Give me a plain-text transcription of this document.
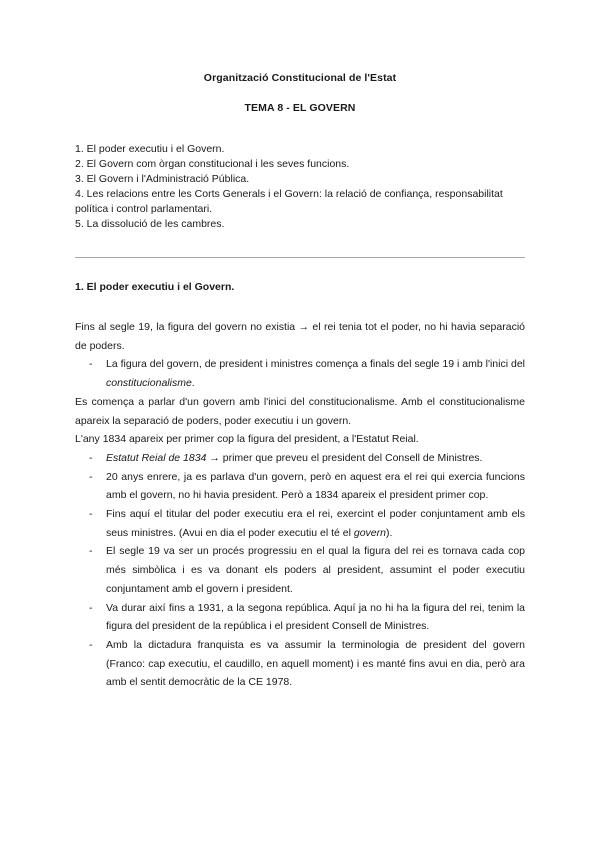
Organització Constitucional de l'Estat
TEMA 8 - EL GOVERN
1. El poder executiu i el Govern.
2. El Govern com òrgan constitucional i les seves funcions.
3. El Govern i l'Administració Pública.
4. Les relacions entre les Corts Generals i el Govern: la relació de confiança, responsabilitat política i control parlamentari.
5. La dissolució de les cambres.
1. El poder executiu i el Govern.

Fins al segle 19, la figura del govern no existia → el rei tenia tot el poder, no hi havia separació de poders.

- La figura del govern, de president i ministres comença a finals del segle 19 i amb l'inici del constitucionalisme.

Es comença a parlar d'un govern amb l'inici del constitucionalisme. Amb el constitucionalisme apareix la separació de poders, poder executiu i un govern.

L'any 1834 apareix per primer cop la figura del president, a l'Estatut Reial.

- Estatut Reial de 1834 → primer que preveu el president del Consell de Ministres.
- 20 anys enrere, ja es parlava d'un govern, però en aquest era el rei qui exercia funcions amb el govern, no hi havia president. Però a 1834 apareix el president primer cop.
- Fins aquí el titular del poder executiu era el rei, exercint el poder conjuntament amb els seus ministres. (Avui en dia el poder executiu el té el govern).
- El segle 19 va ser un procés progressiu en el qual la figura del rei es tornava cada cop més simbòlica i es va donant els poders al president, assumint el poder executiu conjuntament amb el govern i president.
- Va durar així fins a 1931, a la segona república. Aquí ja no hi ha la figura del rei, tenim la figura del president de la república i el president Consell de Ministres.
- Amb la dictadura franquista es va assumir la terminologia de president del govern (Franco: cap executiu, el caudillo, en aquell moment) i es manté fins avui en dia, però ara amb el sentit democràtic de la CE 1978.
